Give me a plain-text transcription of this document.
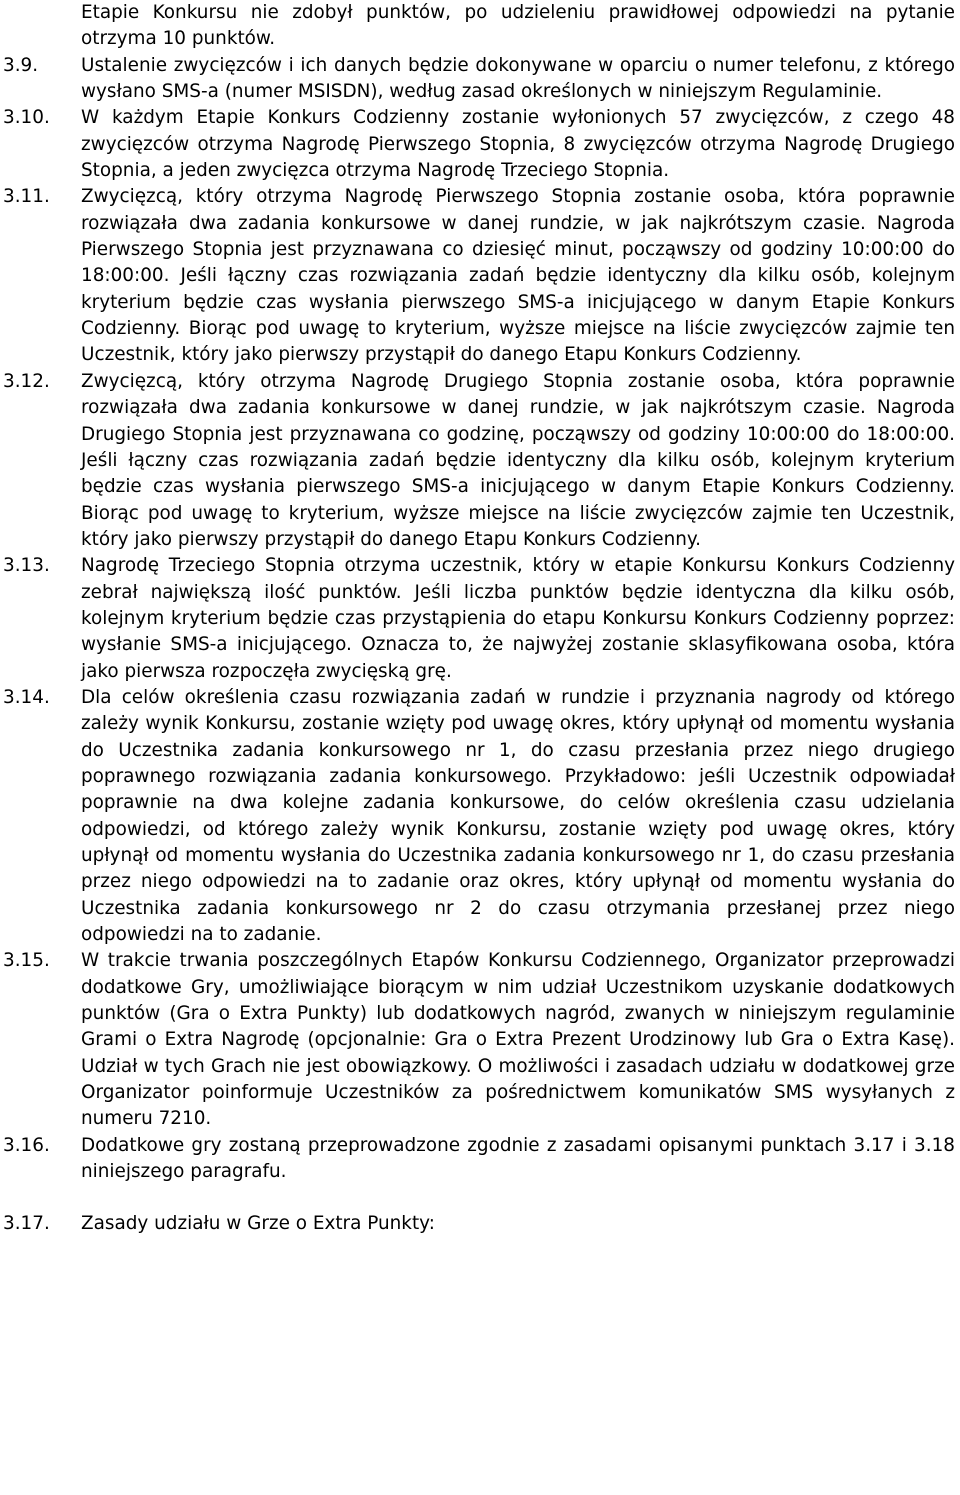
Etapie Konkursu nie zdobył punktów, po udzieleniu prawidłowej odpowiedzi na pytanie otrzyma 10 punktów.
3.9.	Ustalenie zwycięzców i ich danych będzie dokonywane w oparciu o numer telefonu, z którego wysłano SMS-a (numer MSISDN), według zasad określonych w niniejszym Regulaminie.
3.10.	W każdym Etapie Konkurs Codzienny zostanie wyłonionych 57 zwycięzców, z czego 48 zwycięzców otrzyma Nagrodę Pierwszego Stopnia, 8 zwycięzców otrzyma Nagrodę Drugiego Stopnia, a jeden zwycięzca otrzyma Nagrodę Trzeciego Stopnia.
3.11.	Zwycięzcą, który otrzyma Nagrodę Pierwszego Stopnia zostanie osoba, która poprawnie rozwiązała dwa zadania konkursowe w danej rundzie, w jak najkrótszym czasie. Nagroda Pierwszego Stopnia jest przyznawana co dziesięć minut, począwszy od godziny 10:00:00 do 18:00:00. Jeśli łączny czas rozwiązania zadań będzie identyczny dla kilku osób, kolejnym kryterium będzie czas wysłania pierwszego SMS-a inicjującego w danym Etapie Konkurs Codzienny. Biorąc pod uwagę to kryterium, wyższe miejsce na liście zwycięzców zajmie ten Uczestnik, który jako pierwszy przystąpił do danego Etapu Konkurs Codzienny.
3.12.	Zwycięzcą, który otrzyma Nagrodę Drugiego Stopnia zostanie osoba, która poprawnie rozwiązała dwa zadania konkursowe w danej rundzie, w jak najkrótszym czasie. Nagroda Drugiego Stopnia jest przyznawana co godzinę, począwszy od godziny 10:00:00 do 18:00:00. Jeśli łączny czas rozwiązania zadań będzie identyczny dla kilku osób, kolejnym kryterium będzie czas wysłania pierwszego SMS-a inicjującego w danym Etapie Konkurs Codzienny. Biorąc pod uwagę to kryterium, wyższe miejsce na liście zwycięzców zajmie ten Uczestnik, który jako pierwszy przystąpił do danego Etapu Konkurs Codzienny.
3.13.	Nagrodę Trzeciego Stopnia otrzyma uczestnik, który w etapie Konkursu Konkurs Codzienny zebrał największą ilość punktów. Jeśli liczba punktów będzie identyczna dla kilku osób, kolejnym kryterium będzie czas przystąpienia do etapu Konkursu Konkurs Codzienny poprzez: wysłanie SMS-a inicjującego. Oznacza to, że najwyżej zostanie sklasyfikowana osoba, która jako pierwsza rozpoczęła zwycięską grę.
3.14.	Dla celów określenia czasu rozwiązania zadań w rundzie i przyznania nagrody od którego zależy wynik Konkursu, zostanie wzięty pod uwagę okres, który upłynął od momentu wysłania do Uczestnika zadania konkursowego nr 1, do czasu przesłania przez niego drugiego poprawnego rozwiązania zadania konkursowego. Przykładowo: jeśli Uczestnik odpowiadał poprawnie na dwa kolejne zadania konkursowe, do celów określenia czasu udzielania odpowiedzi, od którego zależy wynik Konkursu, zostanie wzięty pod uwagę okres, który upłynął od momentu wysłania do Uczestnika zadania konkursowego nr 1, do czasu przesłania przez niego odpowiedzi na to zadanie oraz okres, który upłynął od momentu wysłania do Uczestnika zadania konkursowego nr 2 do czasu otrzymania przesłanej przez niego odpowiedzi na to zadanie.
3.15.	W trakcie trwania poszczególnych Etapów Konkursu Codziennego, Organizator przeprowadzi dodatkowe Gry, umożliwiające biorącym w nim udział Uczestnikom uzyskanie dodatkowych punktów (Gra o Extra Punkty) lub dodatkowych nagród, zwanych w niniejszym regulaminie Grami o Extra Nagrodę (opcjonalnie: Gra o Extra Prezent Urodzinowy lub Gra o Extra Kasę). Udział w tych Grach nie jest obowiązkowy. O możliwości i zasadach udziału w dodatkowej grze Organizator poinformuje Uczestników za pośrednictwem komunikatów SMS wysyłanych z numeru 7210.
3.16.	Dodatkowe gry zostaną przeprowadzone zgodnie z zasadami opisanymi punktach 3.17 i 3.18 niniejszego paragrafu.
3.17.	Zasady udziału w Grze o Extra Punkty:
